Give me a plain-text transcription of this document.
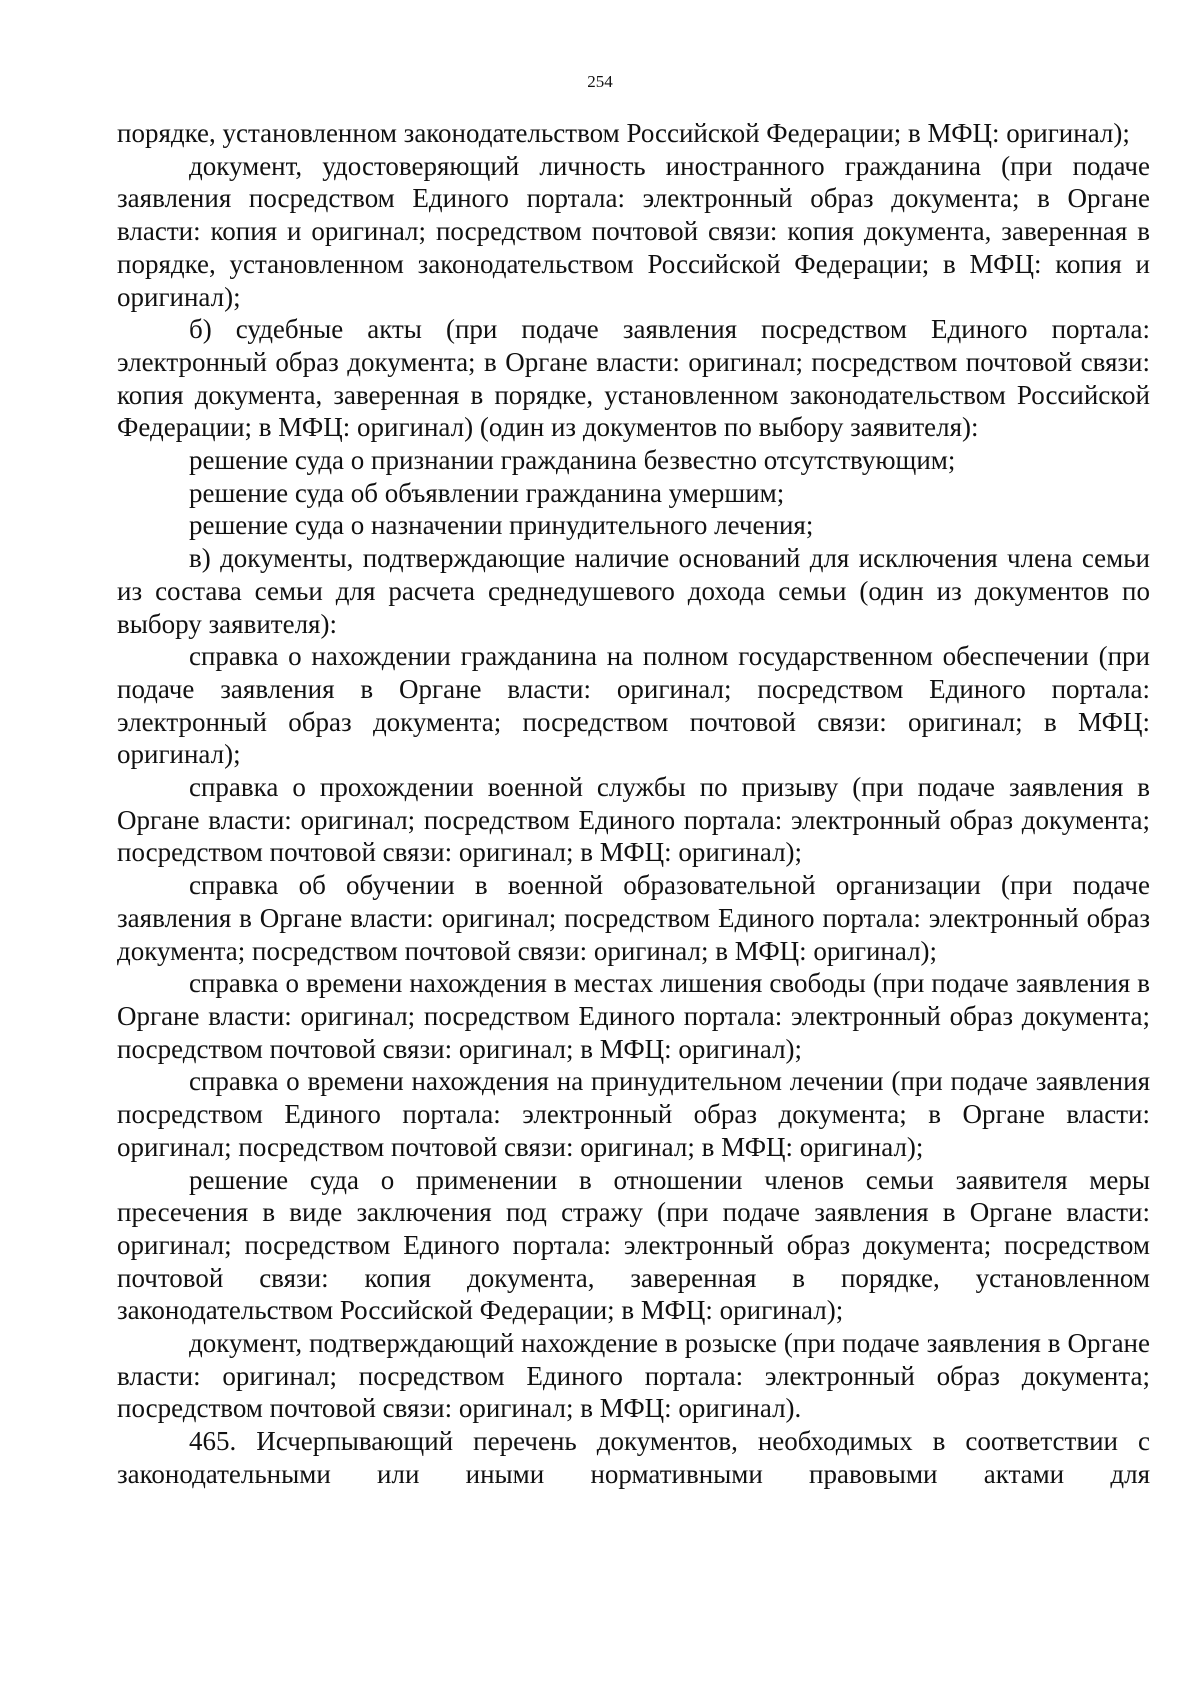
254

порядке, установленном законодательством Российской Федерации; в МФЦ: оригинал);

документ, удостоверяющий личность иностранного гражданина (при подаче заявления посредством Единого портала: электронный образ документа; в Органе власти: копия и оригинал; посредством почтовой связи: копия документа, заверенная в порядке, установленном законодательством Российской Федерации; в МФЦ: копия и оригинал);

б) судебные акты (при подаче заявления посредством Единого портала: электронный образ документа; в Органе власти: оригинал; посредством почтовой связи: копия документа, заверенная в порядке, установленном законодательством Российской Федерации; в МФЦ: оригинал) (один из документов по выбору заявителя):

решение суда о признании гражданина безвестно отсутствующим;

решение суда об объявлении гражданина умершим;

решение суда о назначении принудительного лечения;

в) документы, подтверждающие наличие оснований для исключения члена семьи из состава семьи для расчета среднедушевого дохода семьи (один из документов по выбору заявителя):

справка о нахождении гражданина на полном государственном обеспечении (при подаче заявления в Органе власти: оригинал; посредством Единого портала: электронный образ документа; посредством почтовой связи: оригинал; в МФЦ: оригинал);

справка о прохождении военной службы по призыву (при подаче заявления в Органе власти: оригинал; посредством Единого портала: электронный образ документа; посредством почтовой связи: оригинал; в МФЦ: оригинал);

справка об обучении в военной образовательной организации (при подаче заявления в Органе власти: оригинал; посредством Единого портала: электронный образ документа; посредством почтовой связи: оригинал; в МФЦ: оригинал);

справка о времени нахождения в местах лишения свободы (при подаче заявления в Органе власти: оригинал; посредством Единого портала: электронный образ документа; посредством почтовой связи: оригинал; в МФЦ: оригинал);

справка о времени нахождения на принудительном лечении (при подаче заявления посредством Единого портала: электронный образ документа; в Органе власти: оригинал; посредством почтовой связи: оригинал; в МФЦ: оригинал);

решение суда о применении в отношении членов семьи заявителя меры пресечения в виде заключения под стражу (при подаче заявления в Органе власти: оригинал; посредством Единого портала: электронный образ документа; посредством почтовой связи: копия документа, заверенная в порядке, установленном законодательством Российской Федерации; в МФЦ: оригинал);

документ, подтверждающий нахождение в розыске (при подаче заявления в Органе власти: оригинал; посредством Единого портала: электронный образ документа; посредством почтовой связи: оригинал; в МФЦ: оригинал).

465. Исчерпывающий перечень документов, необходимых в соответствии с законодательными или иными нормативными правовыми актами для
